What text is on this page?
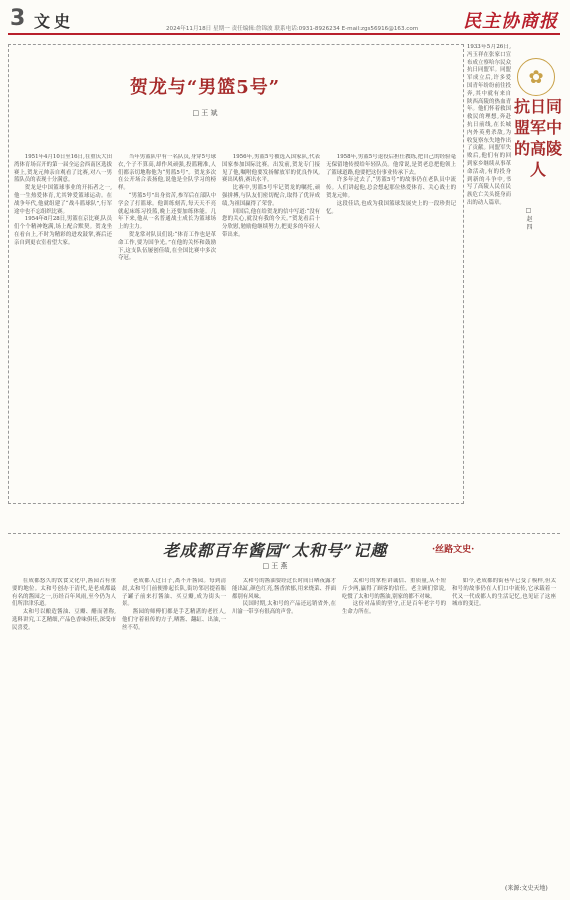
3 文史	2024年11月18日 星期一 责任编辑:詹锦波 联系电话:0931-8926234 E-mail:zgs56916@163.com 民主协商报
贺龙与“男篮5号”
□ 王 斌

1951年4月10日至16日,在重庆大田湾体育场召开的第一届全运会西南区选拔赛上,贺龙元帅亲自观看了比赛,对八一男篮队员的表现十分满意。

贺龙是中国篮球事业的开拓者之一,他一生热爱体育,尤其钟爱篮球运动。在战争年代,他就组建了“战斗篮球队”,行军途中也不忘组织比赛。

1954年8月28日,男篮在京比赛,队员们个个精神饱满,场上配合默契。贺龙坐在看台上,不时为精彩的进攻鼓掌,赛后还亲自到更衣室看望大家。

当年男篮队中有一名队员,身穿5号球衣,个子不算高,却作风顽强,投篮精准,人们都亲切地称他为“男篮5号”。贺龙多次在公开场合表扬他,说他是全队学习的榜样。

“男篮5号”出身贫苦,参军后在部队中学会了打篮球。他训练刻苦,每天天不亮就起床练习投篮,晚上还要加练体能。几年下来,他从一名普通战士成长为篮球场上的主力。

贺龙常对队员们说:“体育工作也是革命工作,要为国争光。”在他的关怀和鼓励下,这支队伍屡创佳绩,在全国比赛中多次夺冠。

1956年,男篮5号被选入国家队,代表国家参加国际比赛。出发前,贺龙专门接见了他,嘱咐他要发扬解放军的优良作风,赛出风格,赛出水平。

比赛中,男篮5号牢记贺龙的嘱托,顽强拼搏,与队友们密切配合,取得了优异成绩,为祖国赢得了荣誉。

回国后,他在给贺龙的信中写道:“没有您的关心,就没有我的今天。”贺龙看后十分欣慰,勉励他继续努力,把更多的年轻人带出来。

1958年,男篮5号退役后担任教练,把自己的经验毫无保留地传授给年轻队员。他常说,是贺老总把他领上了篮球道路,他要把这份事业传承下去。

许多年过去了,“男篮5号”的故事仍在老队员中流传。人们讲起他,总会想起那位热爱体育、关心战士的贺龙元帅。

这段佳话,也成为我国篮球发展史上的一段珍贵记忆。

1933年5月26日,冯玉祥在张家口宣布成立察哈尔民众抗日同盟军。同盟军成立后,许多爱国青年纷纷前往投奔,其中就有来自陕西高陵的热血青年。他们怀着救国救民的理想,奔赴抗日前线,在长城内外英勇杀敌,为收复察东失地作出了贡献。同盟军失败后,他们有的回到家乡继续从事革命活动,有的投身到新的斗争中,书写了高陵人民在民族危亡关头挺身而出的动人篇章。
✿
抗日同盟军中的高陵人
□ 赵 四
老成都百年酱园“太和号”记趣	·丝路文史·
□ 王 燕

在成都悠久的饮食文化中,酱园占有重要的地位。太和号创办于清代,是老成都最有名的酱园之一,历经百年风雨,至今仍为人们所津津乐道。

太和号以酿造酱油、豆瓣、醋而著称,选料讲究,工艺精细,产品色香味俱佳,深受市民喜爱。

老成都人过日子,离不开酱园。每到清晨,太和号门前便排起长队,街坊邻居提着瓶子罐子前来打酱油、买豆瓣,成为街头一景。

酱园的师傅们都是手艺精湛的老匠人,他们守着祖传的方子,晒酱、翻缸、出油,一丝不苟。

太和号的酱油要经过长时间日晒夜露才能出缸,颜色红亮,酱香浓郁,用来烧菜、拌面都别有风味。

民国时期,太和号的产品还远销省外,在川渝一带享有很高的声誉。

太和号的掌柜讲诚信、重质量,从不短斤少两,赢得了顾客的信任。老主顾们常说,吃惯了太和号的酱油,别家的都不对味。

这份对品质的坚守,正是百年老字号的生命力所在。

如今,老成都的街巷早已变了模样,但太和号的故事仍在人们口中流传,它承载着一代又一代成都人的生活记忆,也见证了这座城市的变迁。

(来源:文史天地)
